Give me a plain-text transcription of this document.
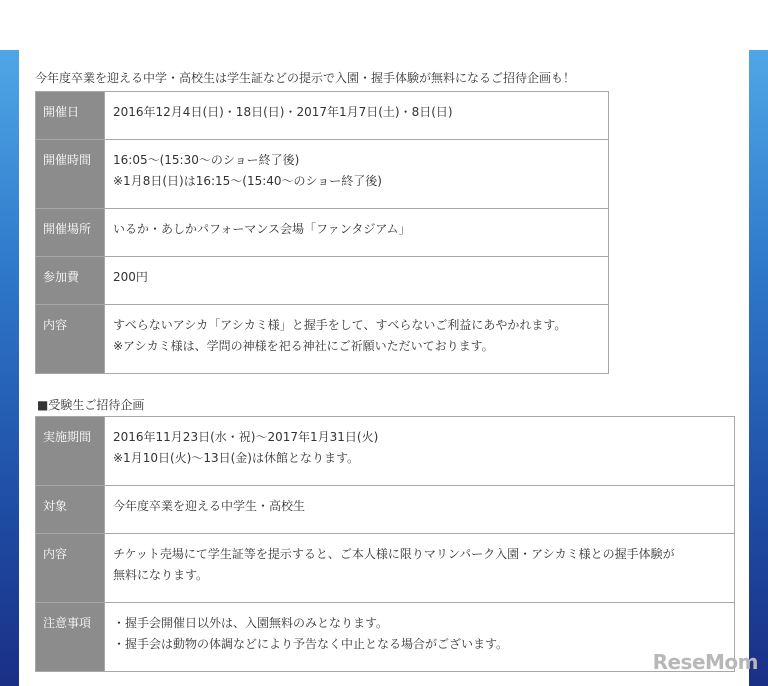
今年度卒業を迎える中学・高校生は学生証などの提示で入園・握手体験が無料になるご招待企画も！
開催日	2016年12月4日(日)・18日(日)・2017年1月7日(土)・8日(日)

開催時間	16:05～(15:30～のショー終了後)
※1月8日(日)は16:15～(15:40～のショー終了後)

開催場所	いるか・あしかパフォーマンス会場「ファンタジアム」

参加費	200円

内容	すべらないアシカ「アシカミ様」と握手をして、すべらないご利益にあやかれます。
※アシカミ様は、学問の神様を祀る神社にご祈願いただいております。
■受験生ご招待企画
実施期間	2016年11月23日(水・祝)～2017年1月31日(火)
※1月10日(火)～13日(金)は休館となります。

対象	今年度卒業を迎える中学生・高校生

内容	チケット売場にて学生証等を提示すると、ご本人様に限りマリンパーク入園・アシカミ様との握手体験が
無料になります。

注意事項	・握手会開催日以外は、入園無料のみとなります。
・握手会は動物の体調などにより予告なく中止となる場合がございます。
ReseMom
